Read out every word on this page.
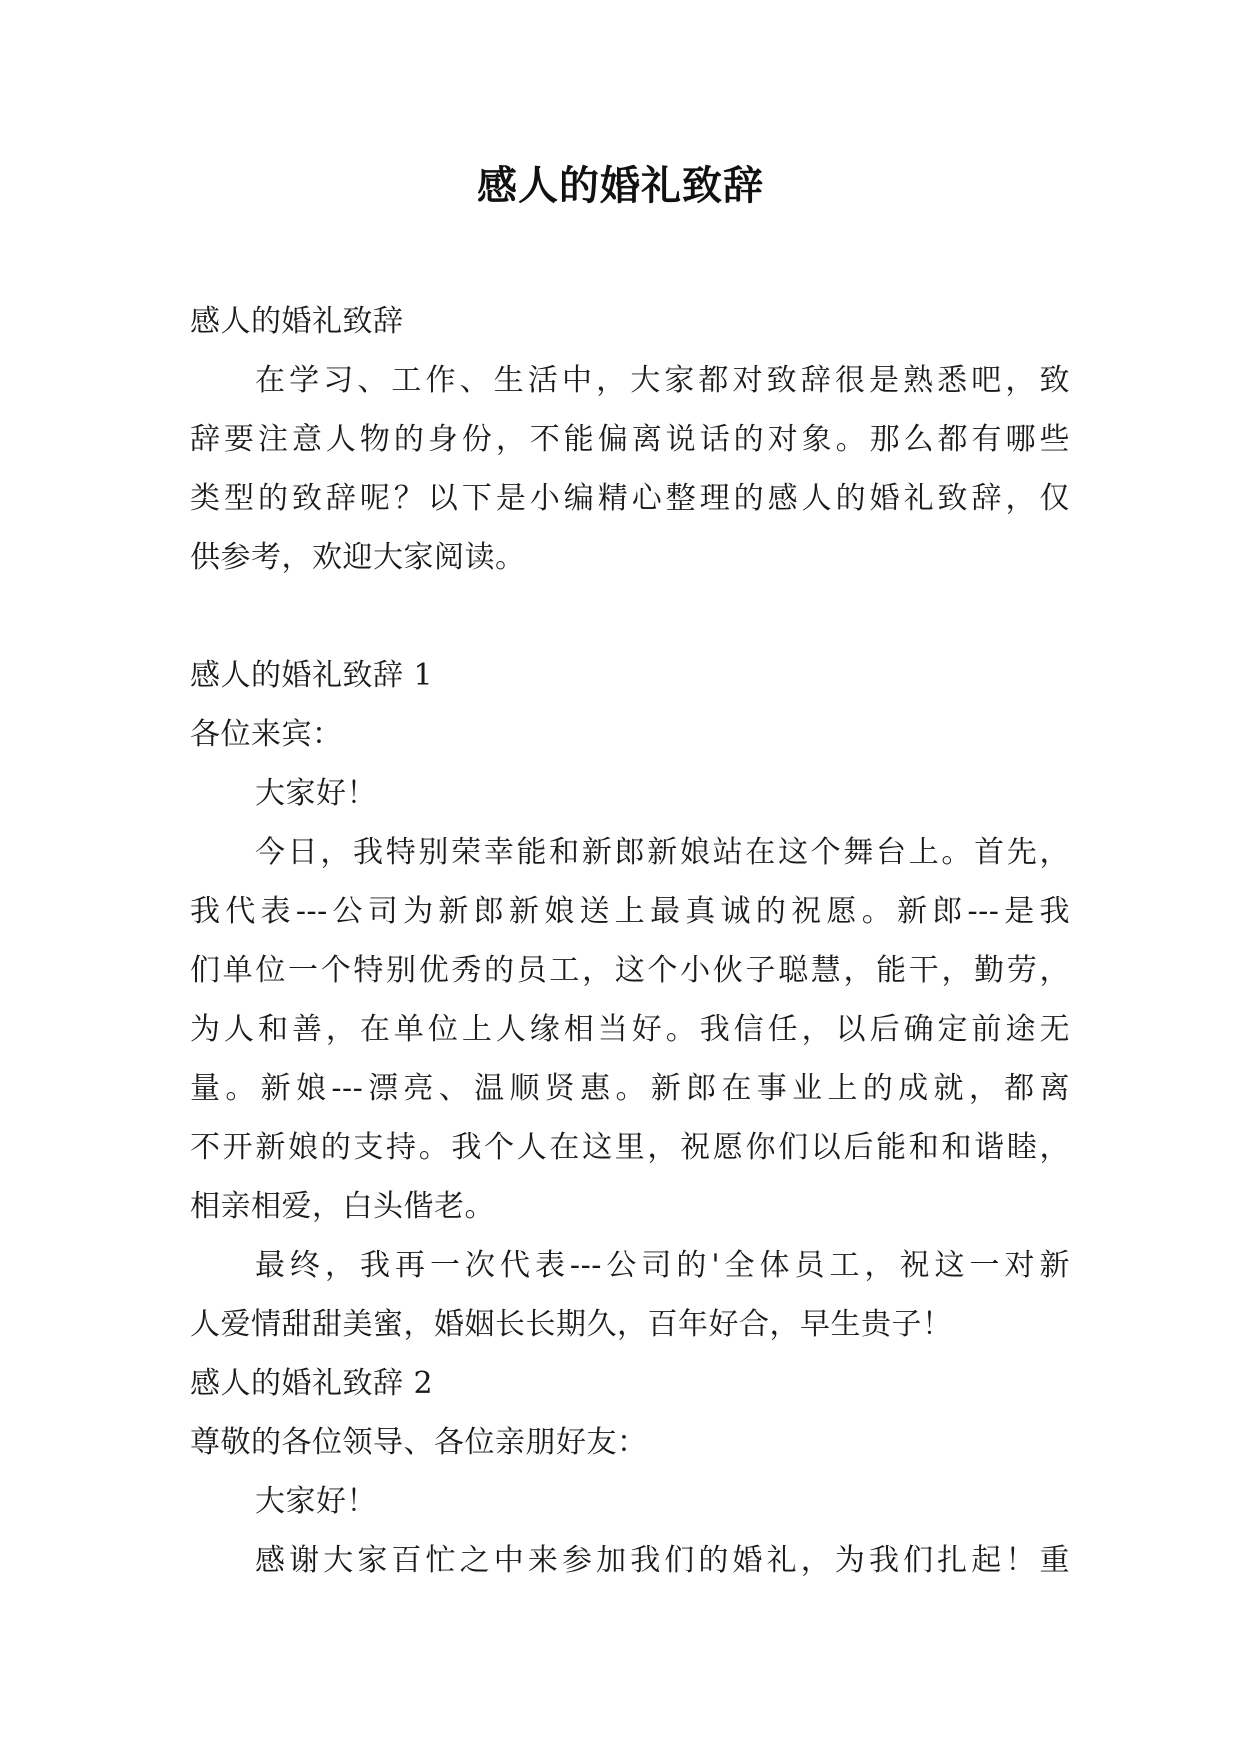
感人的婚礼致辞
感人的婚礼致辞
在学习、工作、生活中，大家都对致辞很是熟悉吧，致
辞要注意人物的身份，不能偏离说话的对象。那么都有哪些
类型的致辞呢？以下是小编精心整理的感人的婚礼致辞，仅
供参考，欢迎大家阅读。
感人的婚礼致辞 1
各位来宾：
大家好！
今日，我特别荣幸能和新郎新娘站在这个舞台上。首先，
我代表---公司为新郎新娘送上最真诚的祝愿。新郎---是我
们单位一个特别优秀的员工，这个小伙子聪慧，能干，勤劳，
为人和善，在单位上人缘相当好。我信任，以后确定前途无
量。新娘---漂亮、温顺贤惠。新郎在事业上的成就，都离
不开新娘的支持。我个人在这里，祝愿你们以后能和和谐睦，
相亲相爱，白头偕老。
最终，我再一次代表---公司的'全体员工，祝这一对新
人爱情甜甜美蜜，婚姻长长期久，百年好合，早生贵子！
感人的婚礼致辞 2
尊敬的各位领导、各位亲朋好友：
大家好！
感谢大家百忙之中来参加我们的婚礼，为我们扎起！重
